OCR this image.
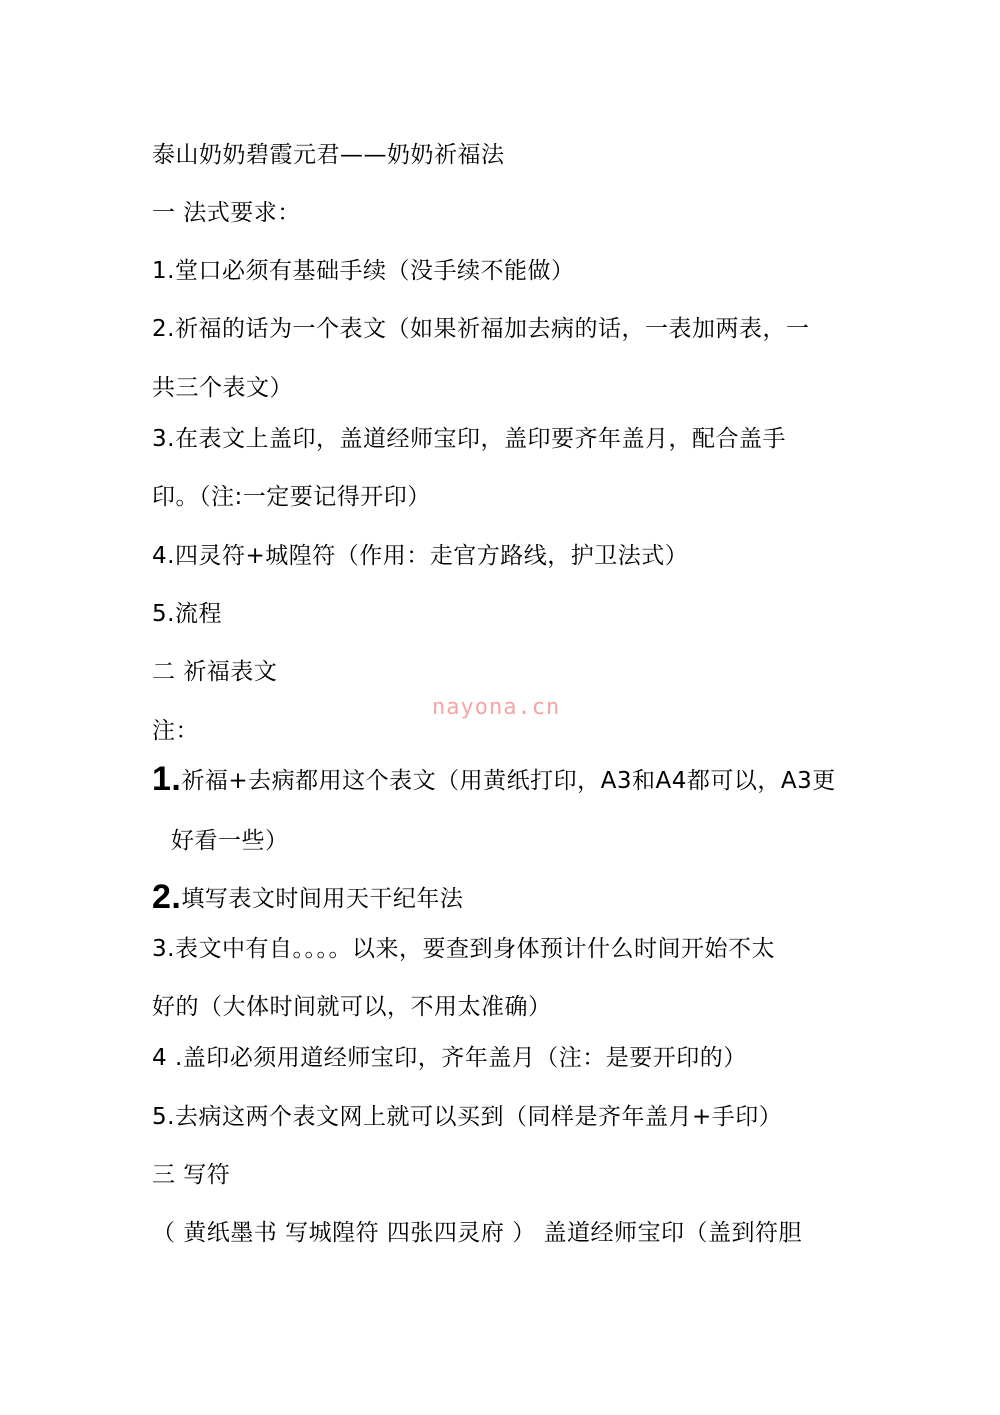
泰山奶奶碧霞元君——奶奶祈福法
一 法式要求：
1.堂口必须有基础手续（没手续不能做）
2.祈福的话为一个表文（如果祈福加去病的话，一表加两表，一
共三个表文）
3.在表文上盖印，盖道经师宝印，盖印要齐年盖月，配合盖手
印。（注:一定要记得开印）
4.四灵符+城隍符（作用：走官方路线，护卫法式）
5.流程
二 祈福表文
注：
1.祈福+去病都用这个表文（用黄纸打印，A3和A4都可以，A3更
好看一些）
2.填写表文时间用天干纪年法
3.表文中有自。。。。以来，要查到身体预计什么时间开始不太
好的（大体时间就可以，不用太准确）
4 .盖印必须用道经师宝印，齐年盖月（注：是要开印的）
5.去病这两个表文网上就可以买到（同样是齐年盖月+手印）
三 写符
（ 黄纸墨书 写城隍符 四张四灵府 ） 盖道经师宝印（盖到符胆
nayona.cn
